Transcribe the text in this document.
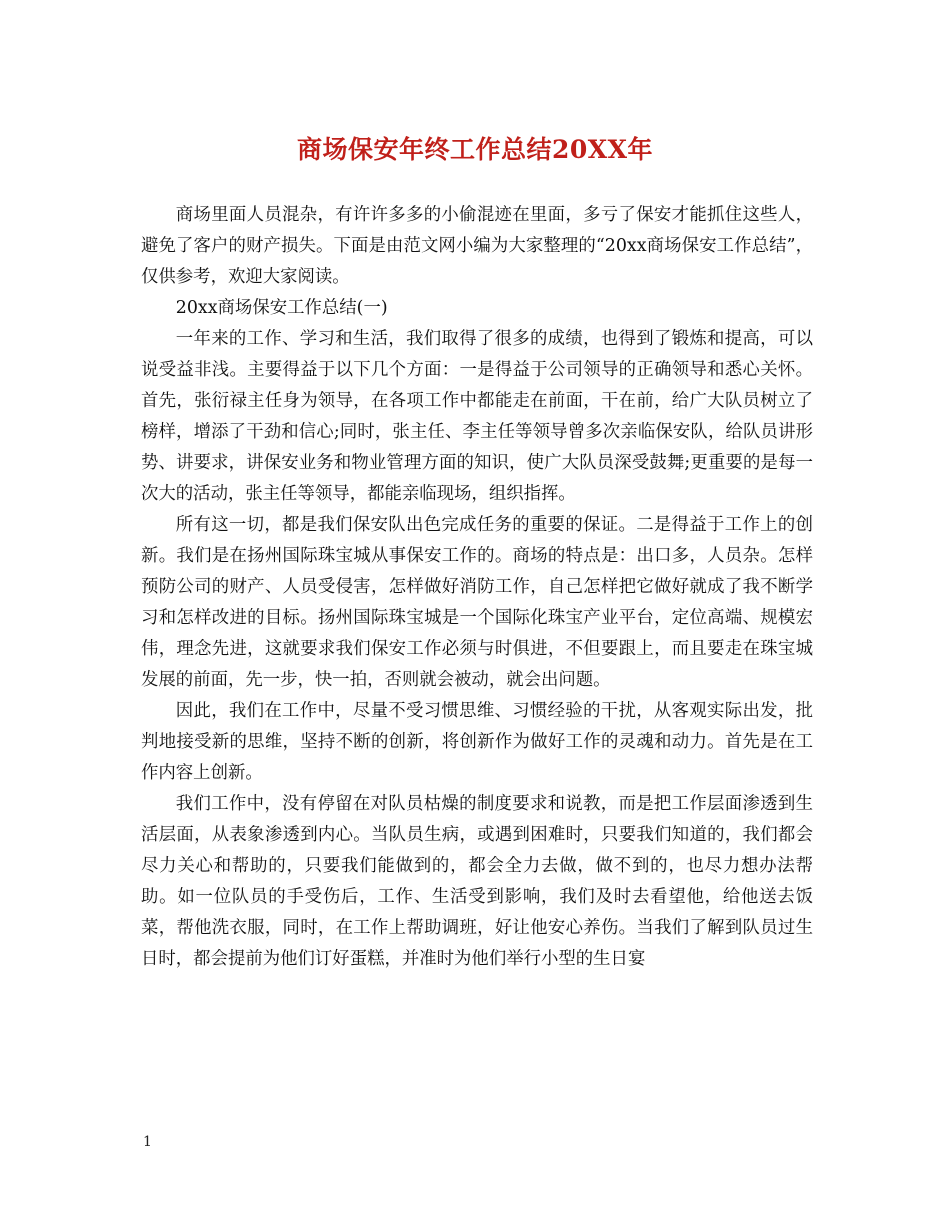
商场保安年终工作总结20XX年

商场里面人员混杂，有许许多多的小偷混迹在里面，多亏了保安才能抓住这些人，避免了客户的财产损失。下面是由范文网小编为大家整理的“20xx商场保安工作总结”，仅供参考，欢迎大家阅读。

20xx商场保安工作总结(一)

一年来的工作、学习和生活，我们取得了很多的成绩，也得到了锻炼和提高，可以说受益非浅。主要得益于以下几个方面：一是得益于公司领导的正确领导和悉心关怀。首先，张衍禄主任身为领导，在各项工作中都能走在前面，干在前，给广大队员树立了榜样，增添了干劲和信心;同时，张主任、李主任等领导曾多次亲临保安队，给队员讲形势、讲要求，讲保安业务和物业管理方面的知识，使广大队员深受鼓舞;更重要的是每一次大的活动，张主任等领导，都能亲临现场，组织指挥。

所有这一切，都是我们保安队出色完成任务的重要的保证。二是得益于工作上的创新。我们是在扬州国际珠宝城从事保安工作的。商场的特点是：出口多，人员杂。怎样预防公司的财产、人员受侵害，怎样做好消防工作，自己怎样把它做好就成了我不断学习和怎样改进的目标。扬州国际珠宝城是一个国际化珠宝产业平台，定位高端、规模宏伟，理念先进，这就要求我们保安工作必须与时俱进，不但要跟上，而且要走在珠宝城发展的前面，先一步，快一拍，否则就会被动，就会出问题。

因此，我们在工作中，尽量不受习惯思维、习惯经验的干扰，从客观实际出发，批判地接受新的思维，坚持不断的创新，将创新作为做好工作的灵魂和动力。首先是在工作内容上创新。

我们工作中，没有停留在对队员枯燥的制度要求和说教，而是把工作层面渗透到生活层面，从表象渗透到内心。当队员生病，或遇到困难时，只要我们知道的，我们都会尽力关心和帮助的，只要我们能做到的，都会全力去做，做不到的，也尽力想办法帮助。如一位队员的手受伤后，工作、生活受到影响，我们及时去看望他，给他送去饭菜，帮他洗衣服，同时，在工作上帮助调班，好让他安心养伤。当我们了解到队员过生日时，都会提前为他们订好蛋糕，并准时为他们举行小型的生日宴

1
